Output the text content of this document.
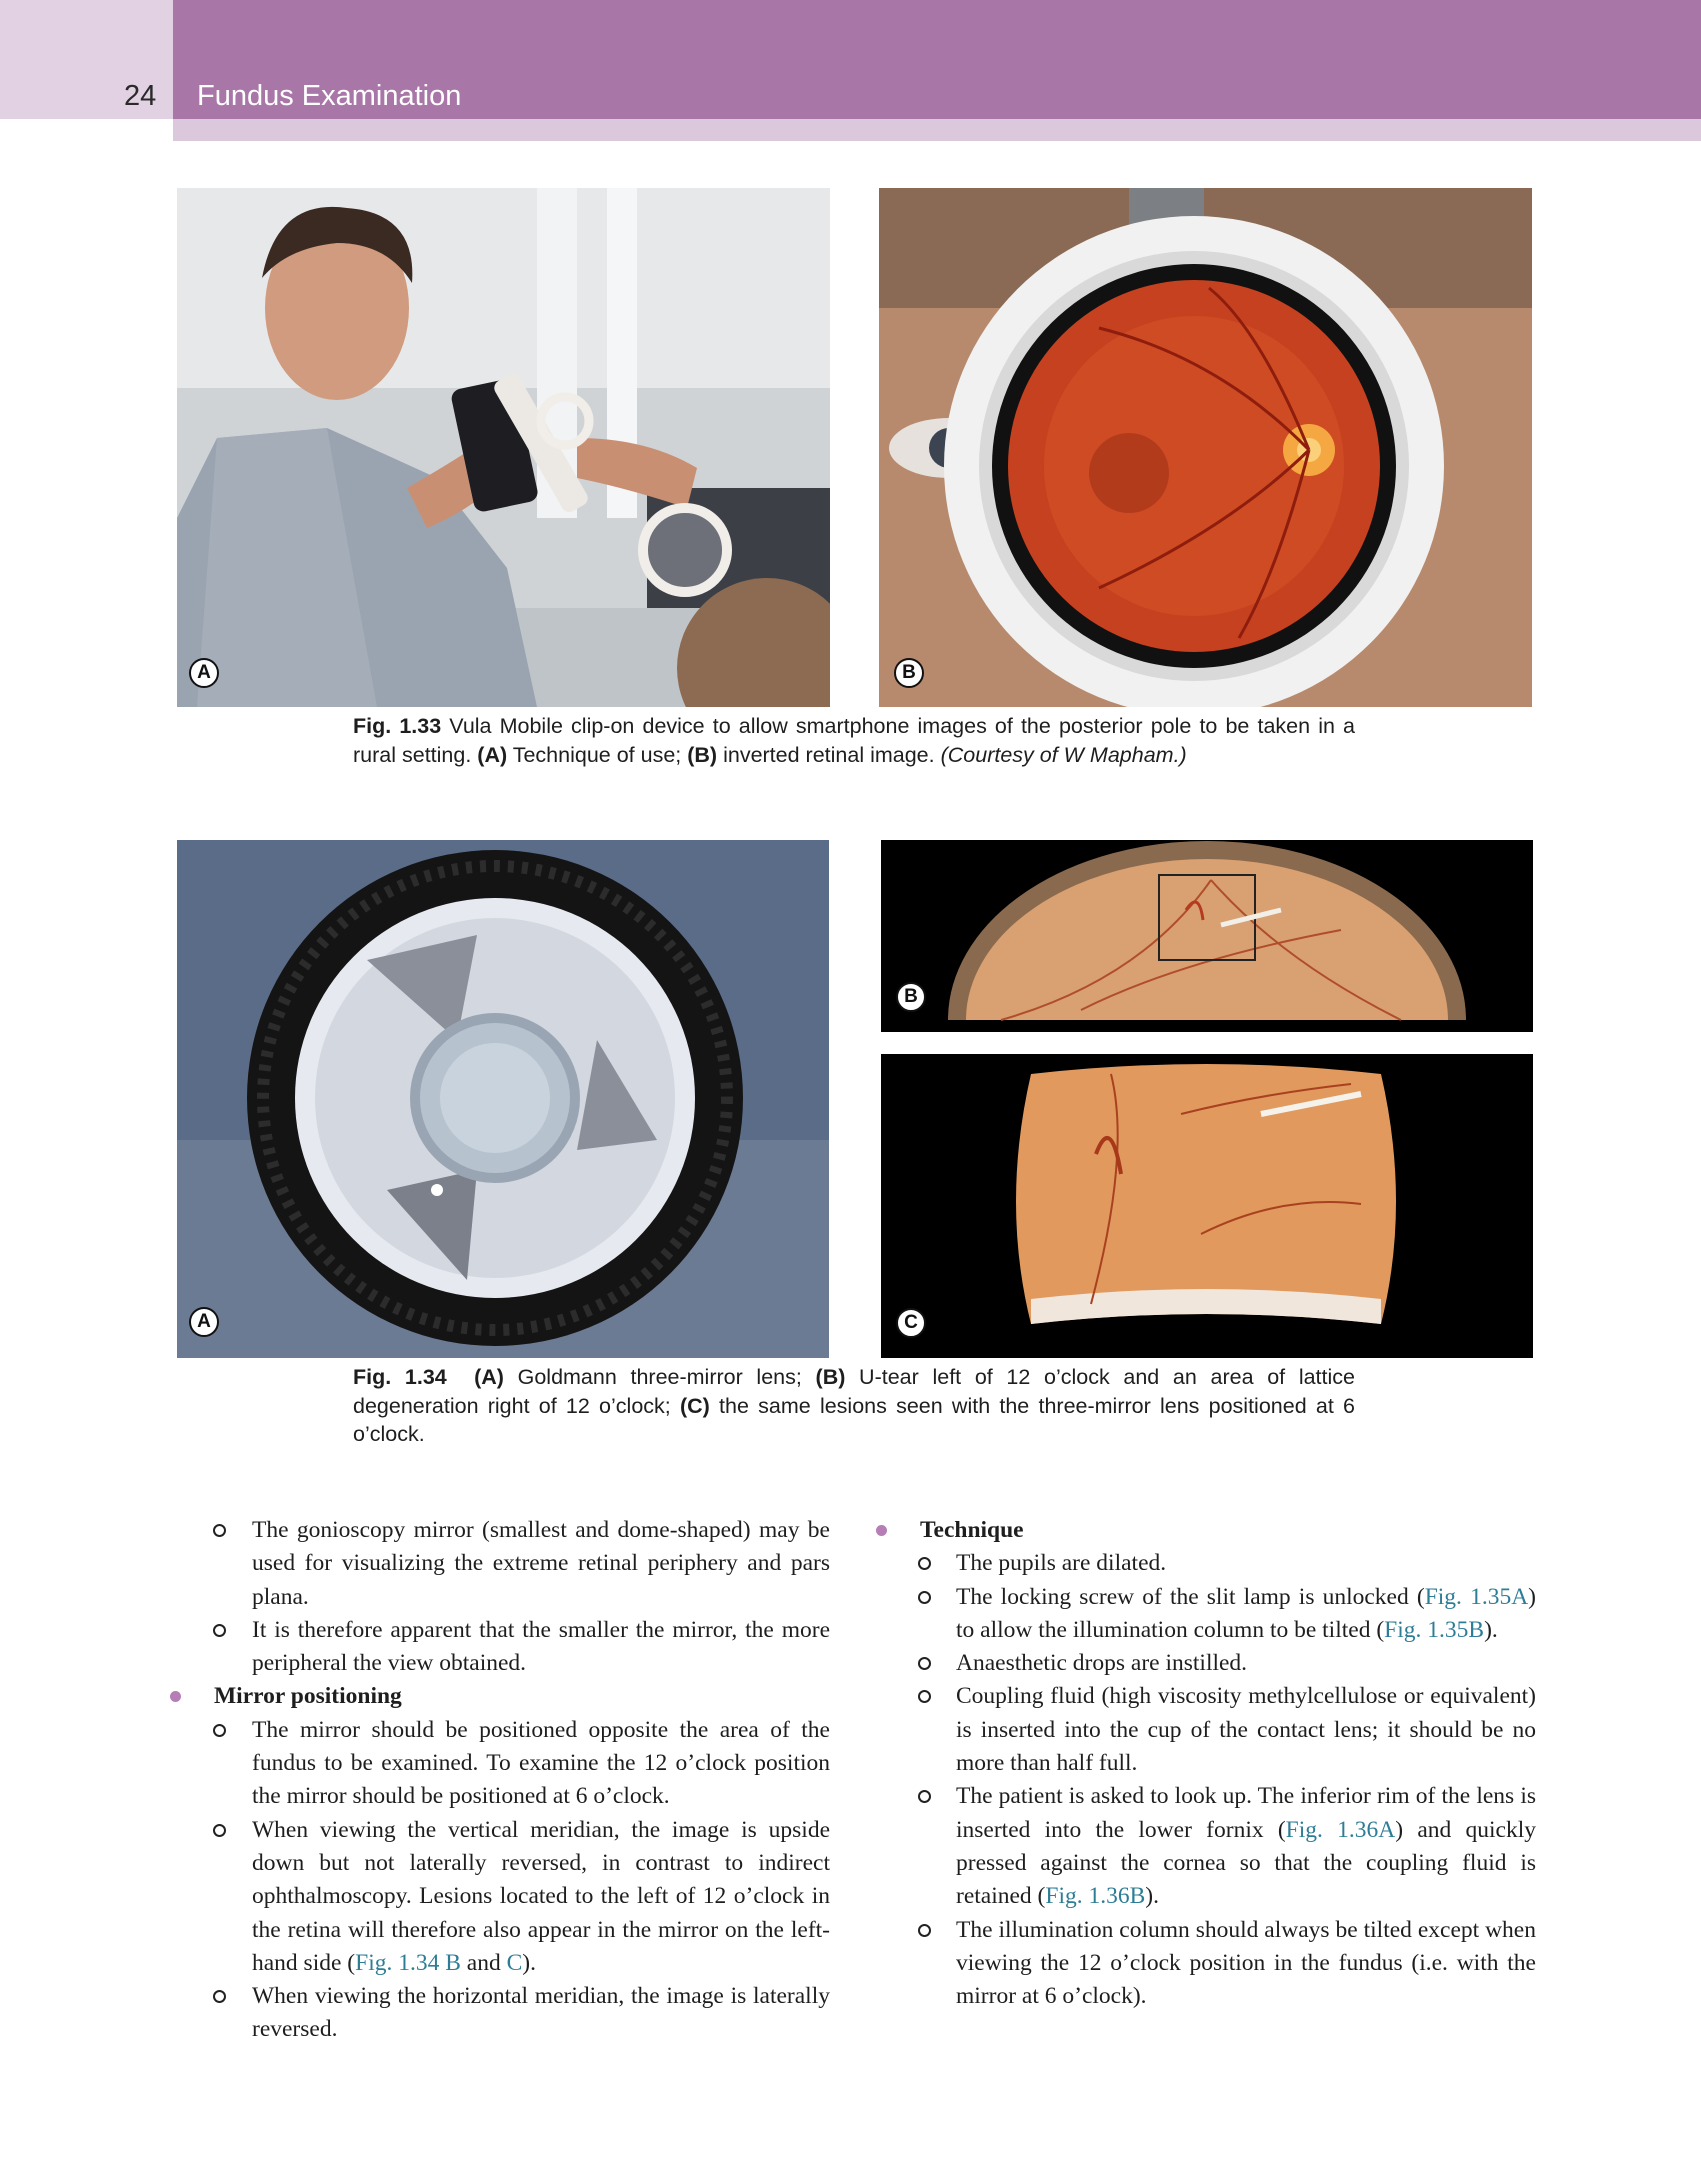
24 Fundus Examination
A	B
Fig. 1.33 Vula Mobile clip-on device to allow smartphone images of the posterior pole to be taken in a rural setting. (A) Technique of use; (B) inverted retinal image. (Courtesy of W Mapham.)
A
B
C
Fig. 1.34 (A) Goldmann three-mirror lens; (B) U-tear left of 12 o’clock and an area of lattice degeneration right of 12 o’clock; (C) the same lesions seen with the three-mirror lens positioned at 6 o’clock.
The gonioscopy mirror (smallest and dome-shaped) may be used for visualizing the extreme retinal periphery and pars plana.
It is therefore apparent that the smaller the mirror, the more peripheral the view obtained.
Mirror positioning
The mirror should be positioned opposite the area of the fundus to be examined. To examine the 12 o’clock position the mirror should be positioned at 6 o’clock.
When viewing the vertical meridian, the image is upside down but not laterally reversed, in contrast to indirect ophthalmoscopy. Lesions located to the left of 12 o’clock in the retina will therefore also appear in the mirror on the left-hand side (Fig. 1.34 B and C).
When viewing the horizontal meridian, the image is laterally reversed.
Technique
The pupils are dilated.
The locking screw of the slit lamp is unlocked (Fig. 1.35A) to allow the illumination column to be tilted (Fig. 1.35B).
Anaesthetic drops are instilled.
Coupling fluid (high viscosity methylcellulose or equivalent) is inserted into the cup of the contact lens; it should be no more than half full.
The patient is asked to look up. The inferior rim of the lens is inserted into the lower fornix (Fig. 1.36A) and quickly pressed against the cornea so that the coupling fluid is retained (Fig. 1.36B).
The illumination column should always be tilted except when viewing the 12 o’clock position in the fundus (i.e. with the mirror at 6 o’clock).
